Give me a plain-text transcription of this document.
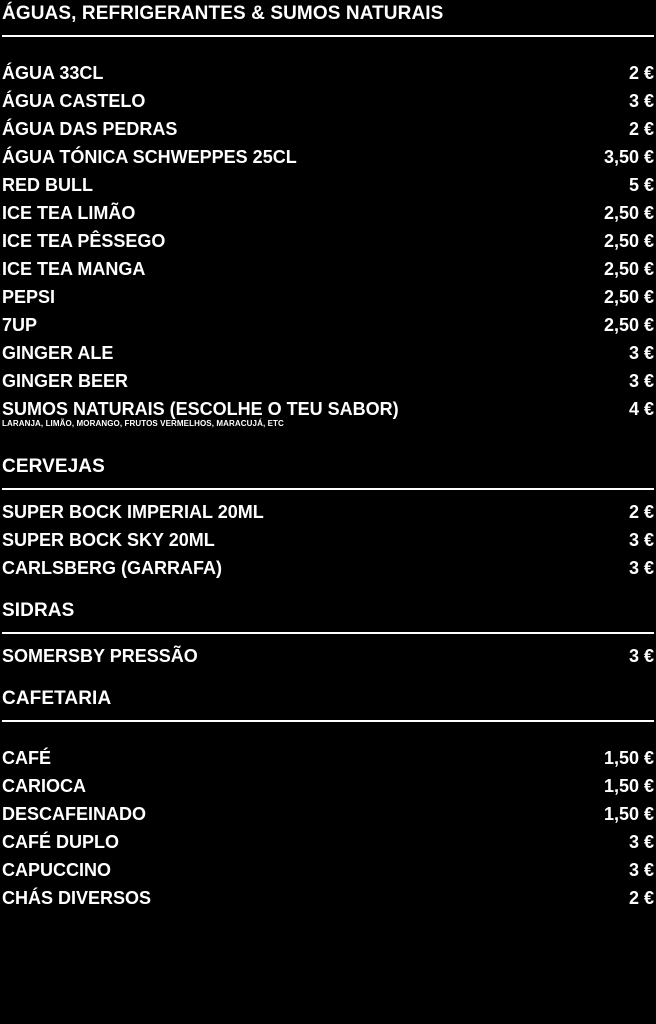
ÁGUAS, REFRIGERANTES & SUMOS NATURAIS
ÁGUA 33CL	2 €
ÁGUA CASTELO	3 €
ÁGUA DAS PEDRAS	2 €
ÁGUA TÓNICA SCHWEPPES 25CL	3,50 €
RED BULL	5 €
ICE TEA LIMÃO	2,50 €
ICE TEA PÊSSEGO	2,50 €
ICE TEA MANGA	2,50 €
PEPSI	2,50 €
7UP	2,50 €
GINGER ALE	3 €
GINGER BEER	3 €
SUMOS NATURAIS (ESCOLHE O TEU SABOR)	4 €
LARANJA, LIMÃO, MORANGO, FRUTOS VERMELHOS, MARACUJÁ, ETC
CERVEJAS
SUPER BOCK IMPERIAL 20ML	2 €
SUPER BOCK SKY 20ML	3 €
CARLSBERG (GARRAFA)	3 €
SIDRAS
SOMERSBY PRESSÃO	3 €
CAFETARIA
CAFÉ	1,50 €
CARIOCA	1,50 €
DESCAFEINADO	1,50 €
CAFÉ DUPLO	3 €
CAPUCCINO	3 €
CHÁS DIVERSOS	2 €
